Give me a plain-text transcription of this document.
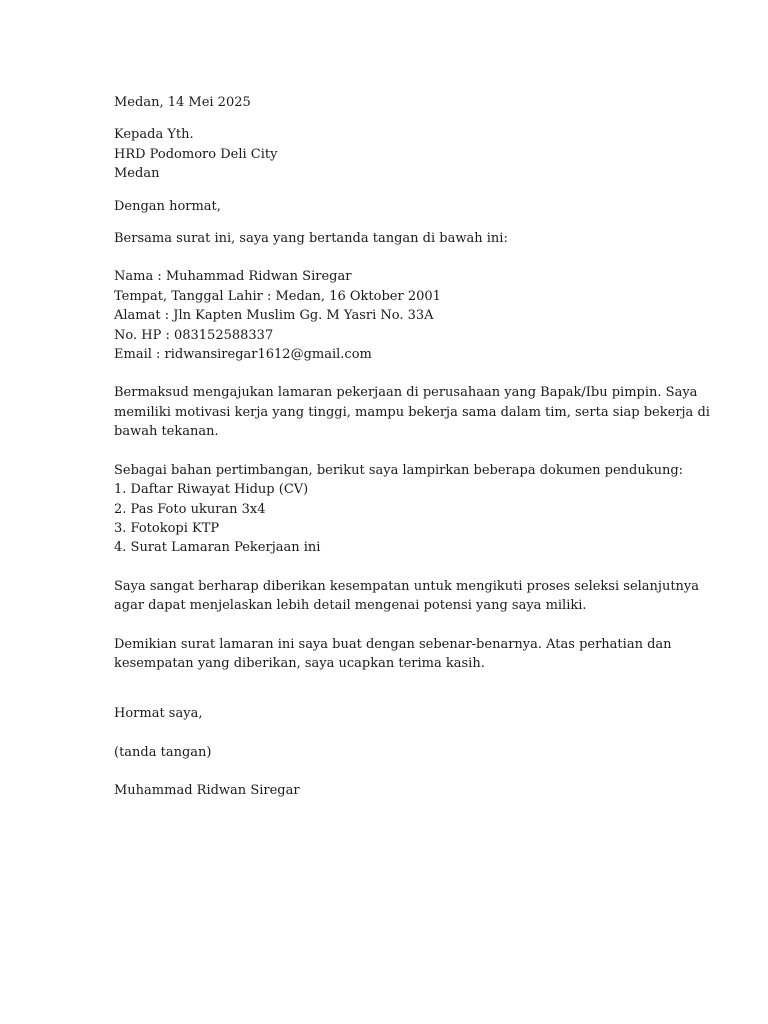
Medan, 14 Mei 2025
Kepada Yth.
HRD Podomoro Deli City
Medan
Dengan hormat,
Bersama surat ini, saya yang bertanda tangan di bawah ini:
Nama : Muhammad Ridwan Siregar
Tempat, Tanggal Lahir : Medan, 16 Oktober 2001
Alamat : Jln Kapten Muslim Gg. M Yasri No. 33A
No. HP : 083152588337
Email : ridwansiregar1612@gmail.com
Bermaksud mengajukan lamaran pekerjaan di perusahaan yang Bapak/Ibu pimpin. Saya
memiliki motivasi kerja yang tinggi, mampu bekerja sama dalam tim, serta siap bekerja di
bawah tekanan.
Sebagai bahan pertimbangan, berikut saya lampirkan beberapa dokumen pendukung:
1. Daftar Riwayat Hidup (CV)
2. Pas Foto ukuran 3x4
3. Fotokopi KTP
4. Surat Lamaran Pekerjaan ini
Saya sangat berharap diberikan kesempatan untuk mengikuti proses seleksi selanjutnya
agar dapat menjelaskan lebih detail mengenai potensi yang saya miliki.
Demikian surat lamaran ini saya buat dengan sebenar-benarnya. Atas perhatian dan
kesempatan yang diberikan, saya ucapkan terima kasih.
Hormat saya,
(tanda tangan)
Muhammad Ridwan Siregar
